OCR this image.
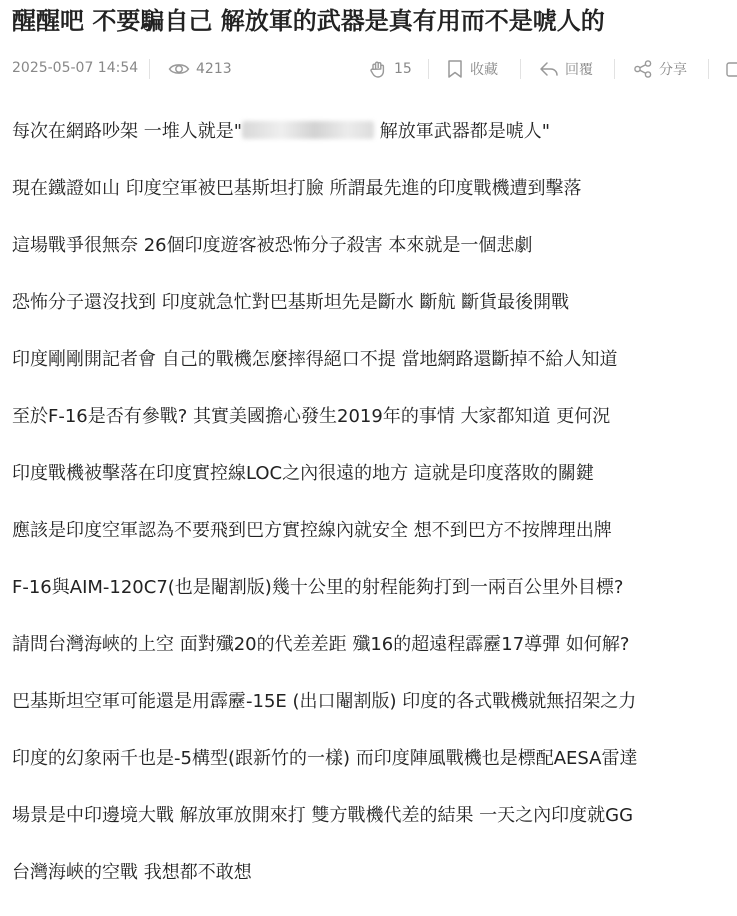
醒醒吧 不要騙自己 解放軍的武器是真有用而不是唬人的
2025-05-07 14:54	4213	15	收藏	回覆	分享

每次在網路吵架 一堆人就是"	解放軍武器都是唬人"

現在鐵證如山 印度空軍被巴基斯坦打臉 所謂最先進的印度戰機遭到擊落

這場戰爭很無奈 26個印度遊客被恐怖分子殺害 本來就是一個悲劇

恐怖分子還沒找到 印度就急忙對巴基斯坦先是斷水 斷航 斷貨最後開戰

印度剛剛開記者會 自己的戰機怎麼摔得絕口不提 當地網路還斷掉不給人知道

至於F-16是否有參戰? 其實美國擔心發生2019年的事情 大家都知道 更何況

印度戰機被擊落在印度實控線LOC之內很遠的地方 這就是印度落敗的關鍵

應該是印度空軍認為不要飛到巴方實控線內就安全 想不到巴方不按牌理出牌

F-16與AIM-120C7(也是閹割版)幾十公里的射程能夠打到一兩百公里外目標?

請問台灣海峽的上空 面對殲20的代差差距 殲16的超遠程霹靂17導彈 如何解?

巴基斯坦空軍可能還是用霹靂-15E (出口閹割版) 印度的各式戰機就無招架之力

印度的幻象兩千也是-5構型(跟新竹的一樣) 而印度陣風戰機也是標配AESA雷達

場景是中印邊境大戰 解放軍放開來打 雙方戰機代差的結果 一天之內印度就GG

台灣海峽的空戰 我想都不敢想
